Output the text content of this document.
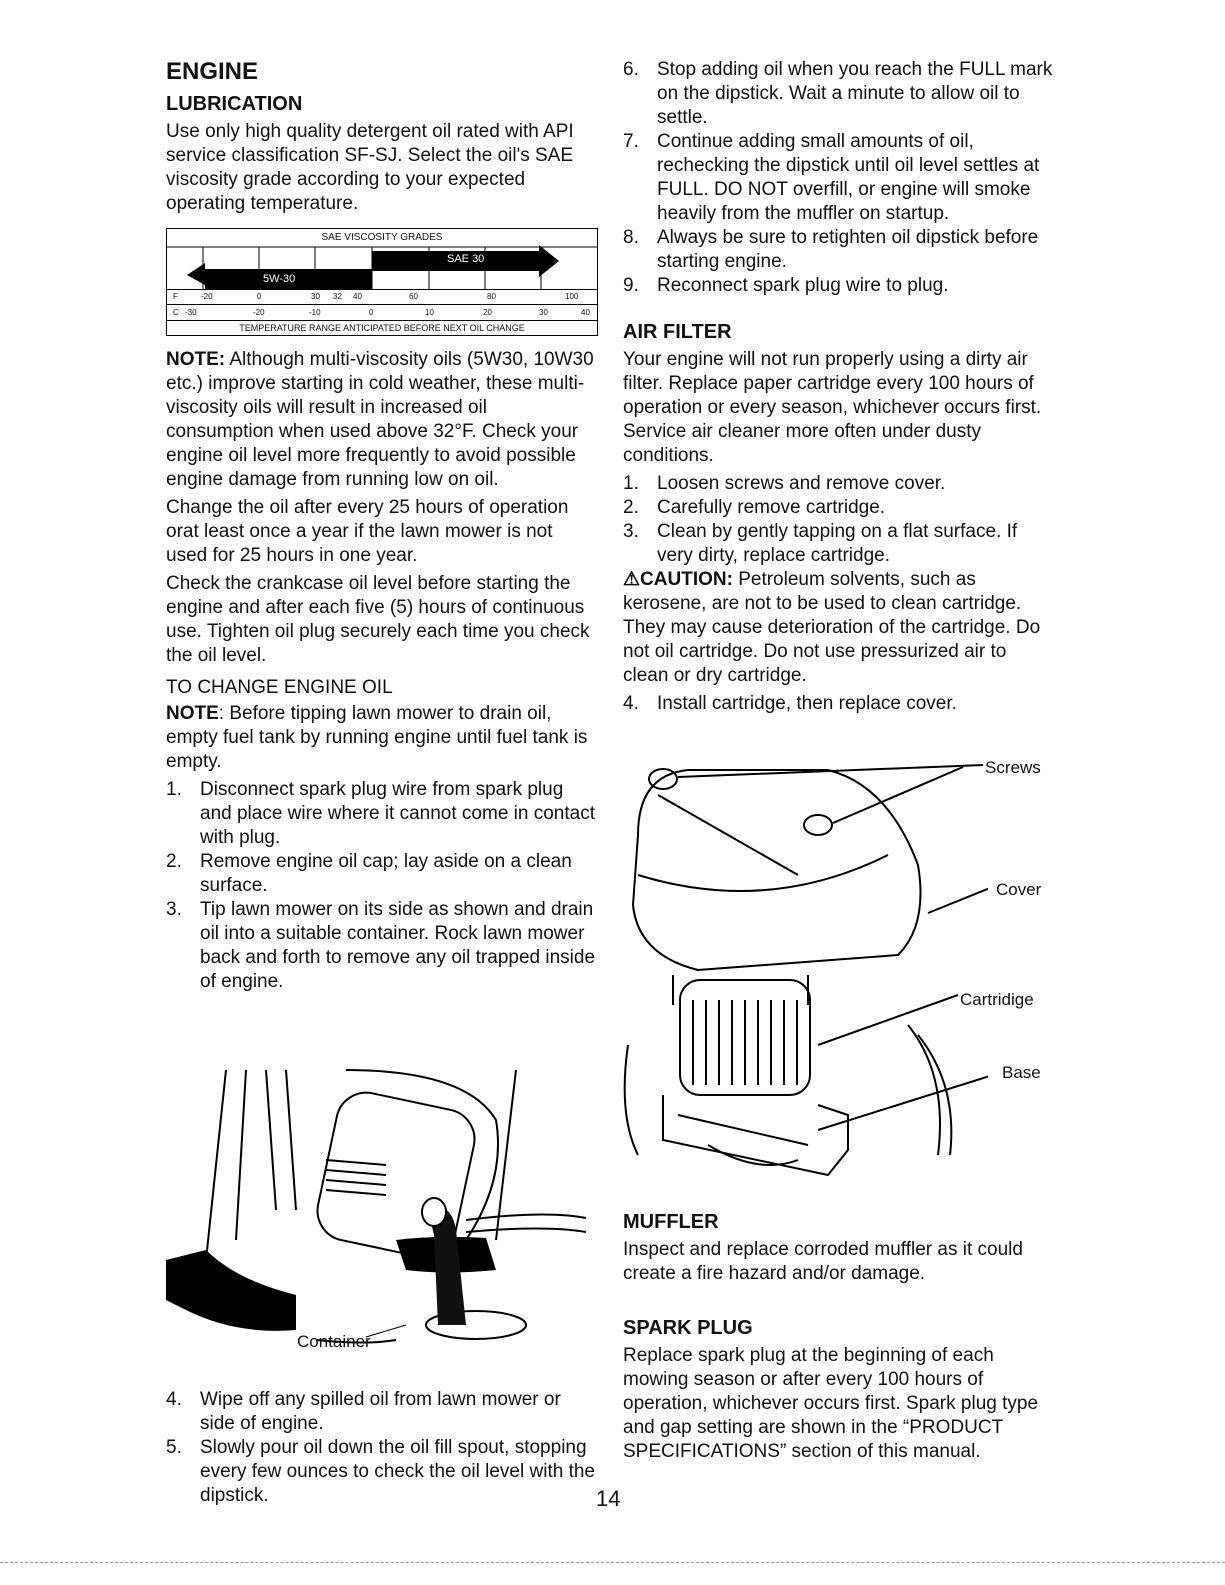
ENGINE
LUBRICATION

Use only high quality detergent oil rated with API service classification SF-SJ. Select the oil's SAE viscosity grade according to your expected operating temperature.

SAE VISCOSITY GRADES
SAE 30
5W-30
F	-20	0	30 32 40	60	80	100
C -30	-20	-10	0	10	20	30	40
TEMPERATURE RANGE ANTICIPATED BEFORE NEXT OIL CHANGE

NOTE: Although multi-viscosity oils (5W30, 10W30 etc.) improve starting in cold weather, these multi-viscosity oils will result in increased oil consumption when used above 32°F. Check your engine oil level more frequently to avoid possible engine damage from running low on oil.

Change the oil after every 25 hours of operation orat least once a year if the lawn mower is not used for 25 hours in one year.

Check the crankcase oil level before starting the engine and after each five (5) hours of continuous use. Tighten oil plug securely each time you check the oil level.

TO CHANGE ENGINE OIL

NOTE: Before tipping lawn mower to drain oil, empty fuel tank by running engine until fuel tank is empty.

1. Disconnect spark plug wire from spark plug and place wire where it cannot come in contact with plug.
2. Remove engine oil cap; lay aside on a clean surface.
3. Tip lawn mower on its side as shown and drain oil into a suitable container. Rock lawn mower back and forth to remove any oil trapped inside of engine.
Container
4. Wipe off any spilled oil from lawn mower or side of engine.
5. Slowly pour oil down the oil fill spout, stopping every few ounces to check the oil level with the dipstick.
6. Stop adding oil when you reach the FULL mark on the dipstick. Wait a minute to allow oil to settle.
7. Continue adding small amounts of oil, rechecking the dipstick until oil level settles at FULL. DO NOT overfill, or engine will smoke heavily from the muffler on startup.
8. Always be sure to retighten oil dipstick before starting engine.
9. Reconnect spark plug wire to plug.
AIR FILTER

Your engine will not run properly using a dirty air filter. Replace paper cartridge every 100 hours of operation or every season, whichever occurs first. Service air cleaner more often under dusty conditions.

1. Loosen screws and remove cover.
2. Carefully remove cartridge.
3. Clean by gently tapping on a flat surface. If very dirty, replace cartridge.

⚠CAUTION: Petroleum solvents, such as kerosene, are not to be used to clean cartridge. They may cause deterioration of the cartridge. Do not oil cartridge. Do not use pressurized air to clean or dry cartridge.

4. Install cartridge, then replace cover.
Screws
Cover
Cartridige
Base
MUFFLER

Inspect and replace corroded muffler as it could create a fire hazard and/or damage.

SPARK PLUG

Replace spark plug at the beginning of each mowing season or after every 100 hours of operation, whichever occurs first. Spark plug type and gap setting are shown in the “PRODUCT SPECIFICATIONS” section of this manual.

14
